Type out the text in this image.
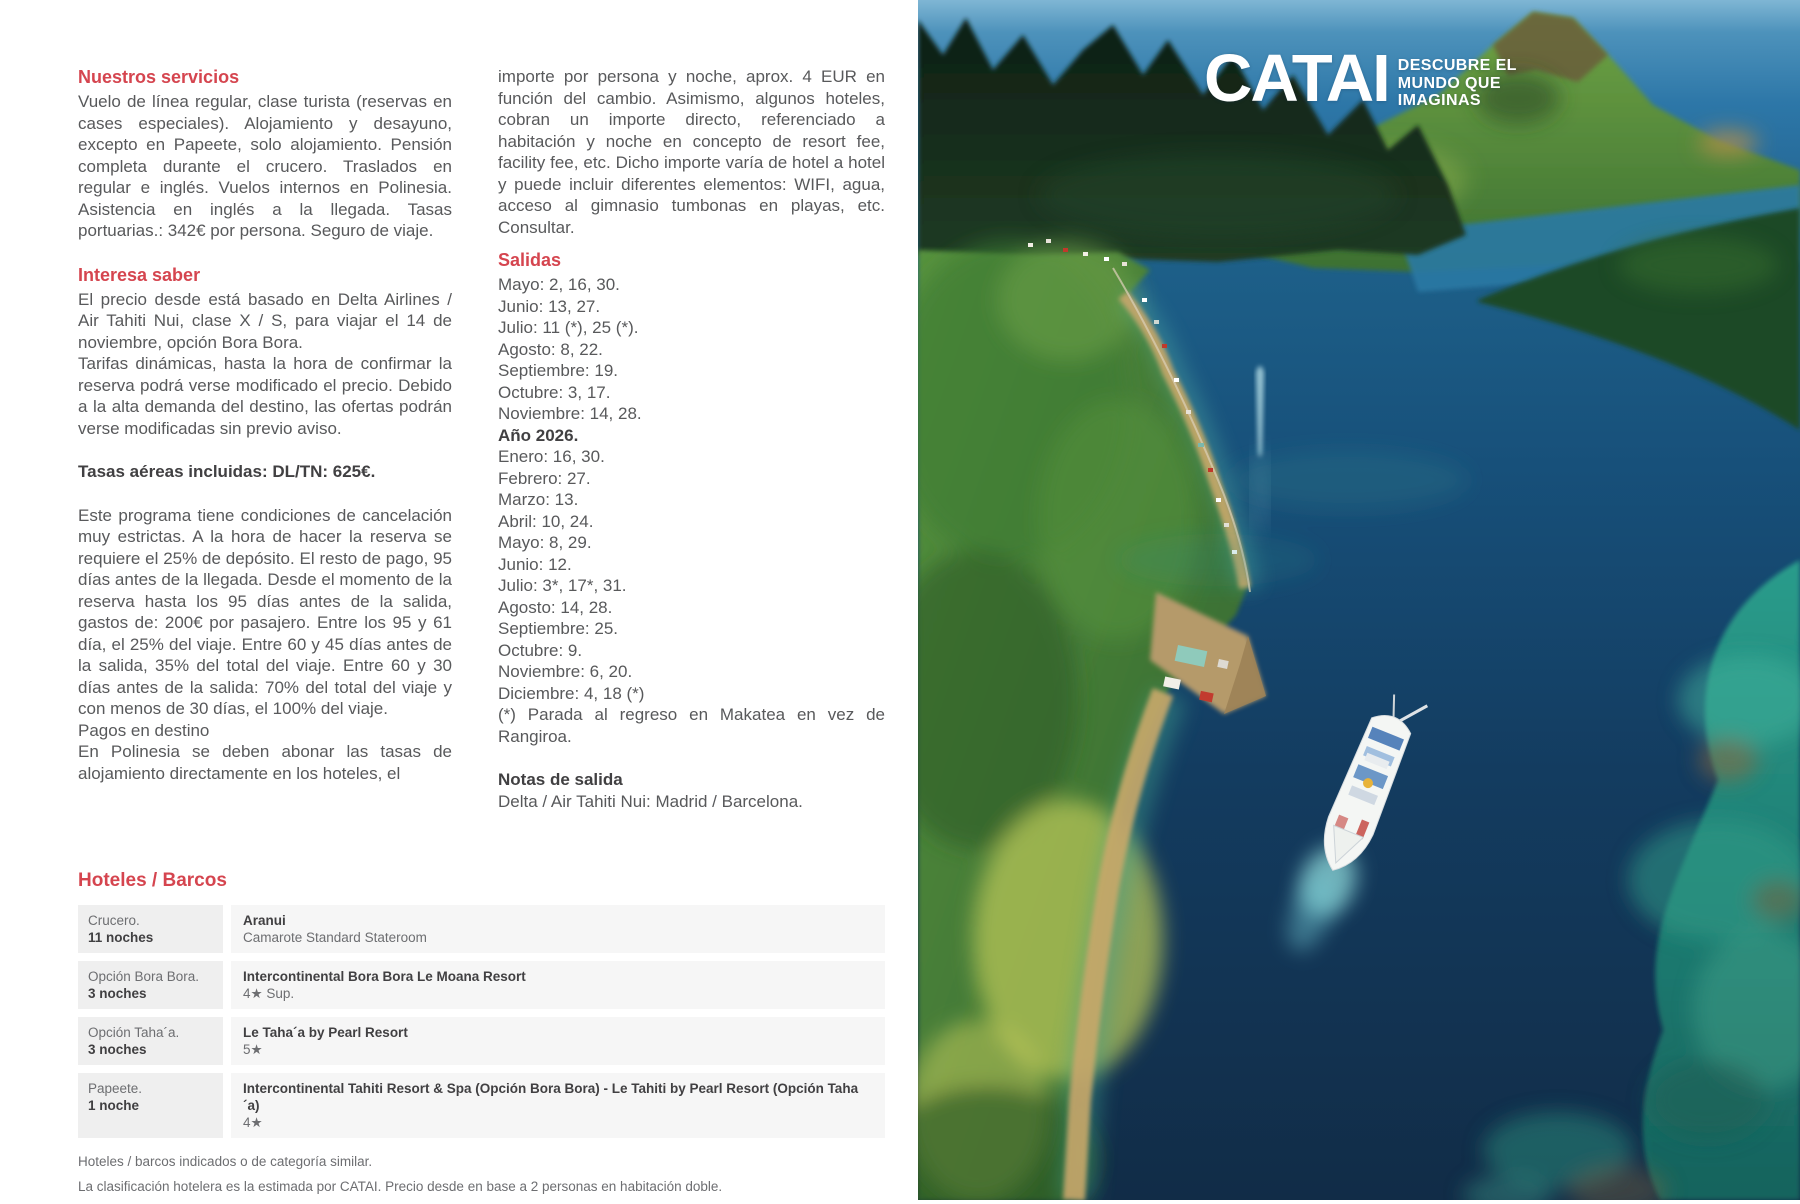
Nuestros servicios

Vuelo de línea regular, clase turista (reservas en cases especiales). Alojamiento y desayuno, excepto en Papeete, solo alojamiento. Pensión completa durante el crucero. Traslados en regular e inglés. Vuelos internos en Polinesia. Asistencia en inglés a la llegada. Tasas portuarias.: 342€ por persona. Seguro de viaje.

Interesa saber

El precio desde está basado en Delta Airlines / Air Tahiti Nui, clase X / S, para viajar el 14 de noviembre, opción Bora Bora.

Tarifas dinámicas, hasta la hora de confirmar la reserva podrá verse modificado el precio. Debido a la alta demanda del destino, las ofertas podrán verse modificadas sin previo aviso.

Tasas aéreas incluidas: DL/TN: 625€.

Este programa tiene condiciones de cancelación muy estrictas. A la hora de hacer la reserva se requiere el 25% de depósito. El resto de pago, 95 días antes de la llegada. Desde el momento de la reserva hasta los 95 días antes de la salida, gastos de: 200€ por pasajero. Entre los 95 y 61 día, el 25% del viaje. Entre 60 y 45 días antes de la salida, 35% del total del viaje. Entre 60 y 30 días antes de la salida: 70% del total del viaje y con menos de 30 días, el 100% del viaje.

Pagos en destino

En Polinesia se deben abonar las tasas de alojamiento directamente en los hoteles, el

importe por persona y noche, aprox. 4 EUR en función del cambio. Asimismo, algunos hoteles, cobran un importe directo, referenciado a habitación y noche en concepto de resort fee, facility fee, etc. Dicho importe varía de hotel a hotel y puede incluir diferentes elementos: WIFI, agua, acceso al gimnasio tumbonas en playas, etc. Consultar.

Salidas
Mayo: 2, 16, 30.
Junio: 13, 27.
Julio: 11 (*), 25 (*).
Agosto: 8, 22.
Septiembre: 19.
Octubre: 3, 17.
Noviembre: 14, 28.
Año 2026.
Enero: 16, 30.
Febrero: 27.
Marzo: 13.
Abril: 10, 24.
Mayo: 8, 29.
Junio: 12.
Julio: 3*, 17*, 31.
Agosto: 14, 28.
Septiembre: 25.
Octubre: 9.
Noviembre: 6, 20.
Diciembre: 4, 18 (*)

(*) Parada al regreso en Makatea en vez de Rangiroa.

Notas de salida
Delta / Air Tahiti Nui: Madrid / Barcelona.
Hoteles / Barcos
Crucero.
11 noches
Aranui
Camarote Standard Stateroom
Opción Bora Bora.
3 noches
Intercontinental Bora Bora Le Moana Resort
4★ Sup.
Opción Taha´a.
3 noches
Le Taha´a by Pearl Resort
5★
Papeete.
1 noche
Intercontinental Tahiti Resort & Spa (Opción Bora Bora) - Le Tahiti by Pearl Resort (Opción Taha´a)
4★
Hoteles / barcos indicados o de categoría similar.
La clasificación hotelera es la estimada por CATAI. Precio desde en base a 2 personas en habitación doble.
CATAI DESCUBRE EL
MUNDO QUE
IMAGINAS
